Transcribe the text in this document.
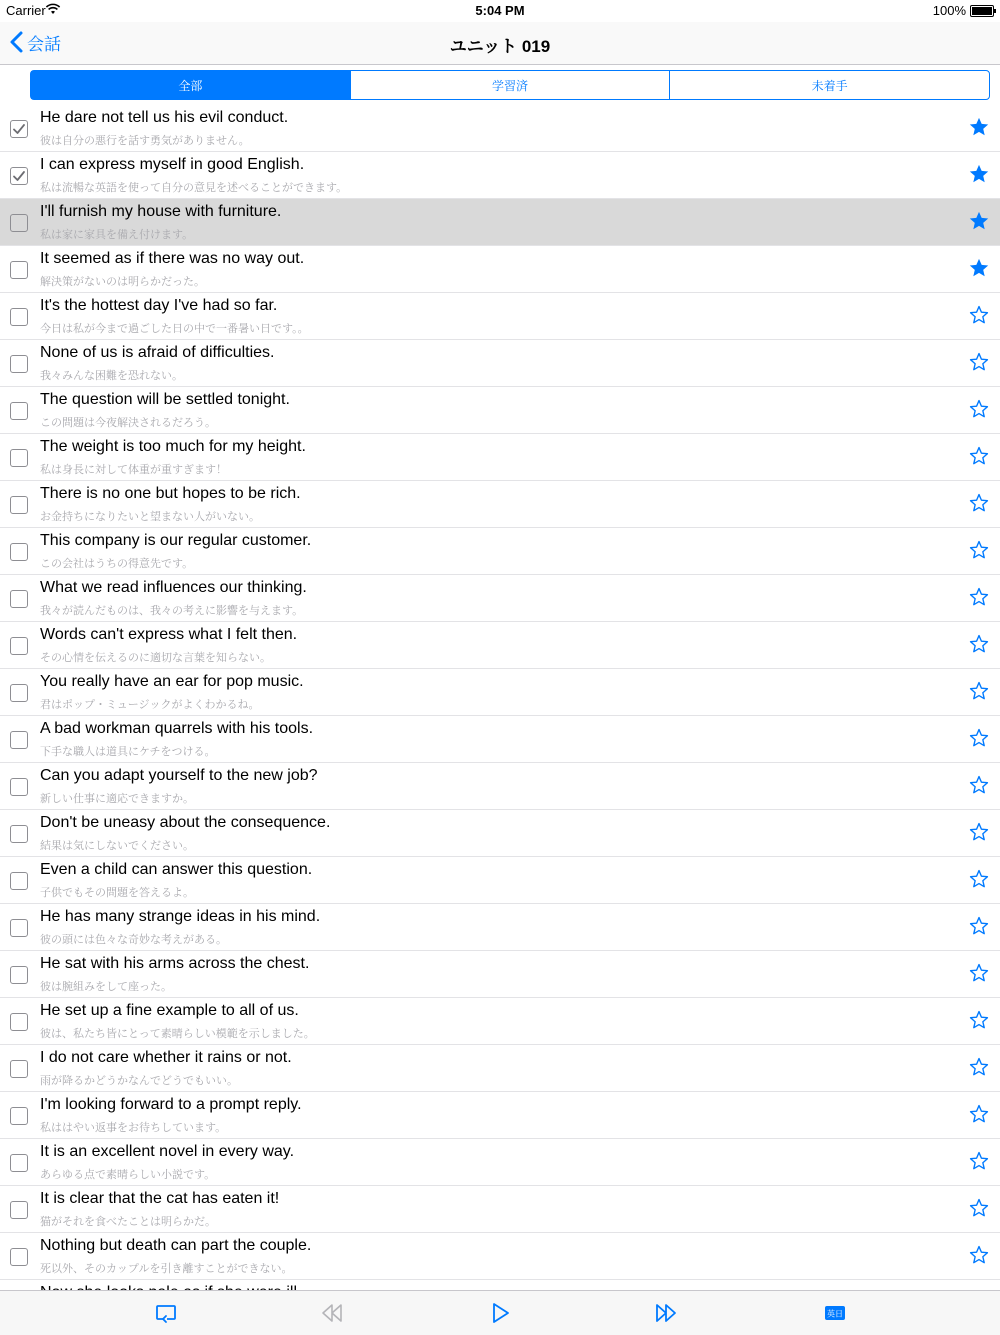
Carrier	5:04 PM	100%
会話	ユニット 019
全部	学習済	未着手
He dare not tell us his evil conduct.
彼は自分の悪行を話す勇気がありません。
I can express myself in good English.
私は流暢な英語を使って自分の意見を述べることができます。
I'll furnish my house with furniture.
私は家に家具を備え付けます。
It seemed as if there was no way out.
解決策がないのは明らかだった。
It's the hottest day I've had so far.
今日は私が今まで過ごした日の中で一番暑い日です。。
None of us is afraid of difficulties.
我々みんな困難を恐れない。
The question will be settled tonight.
この問題は今夜解決されるだろう。
The weight is too much for my height.
私は身長に対して体重が重すぎます！
There is no one but hopes to be rich.
お金持ちになりたいと望まない人がいない。
This company is our regular customer.
この会社はうちの得意先です。
What we read influences our thinking.
我々が読んだものは、我々の考えに影響を与えます。
Words can't express what I felt then.
その心情を伝えるのに適切な言葉を知らない。
You really have an ear for pop music.
君はポップ・ミュージックがよくわかるね。
A bad workman quarrels with his tools.
下手な職人は道具にケチをつける。
Can you adapt yourself to the new job?
新しい仕事に適応できますか。
Don't be uneasy about the consequence.
結果は気にしないでください。
Even a child can answer this question.
子供でもその問題を答えるよ。
He has many strange ideas in his mind.
彼の頭には色々な奇妙な考えがある。
He sat with his arms across the chest.
彼は腕組みをして座った。
He set up a fine example to all of us.
彼は、私たち皆にとって素晴らしい模範を示しました。
I do not care whether it rains or not.
雨が降るかどうかなんでどうでもいい。
I'm looking forward to a prompt reply.
私ははやい返事をお待ちしています。
It is an excellent novel in every way.
あらゆる点で素晴らしい小説です。
It is clear that the cat has eaten it!
猫がそれを食べたことは明らかだ。
Nothing but death can part the couple.
死以外、そのカップルを引き離すことができない。
英日
